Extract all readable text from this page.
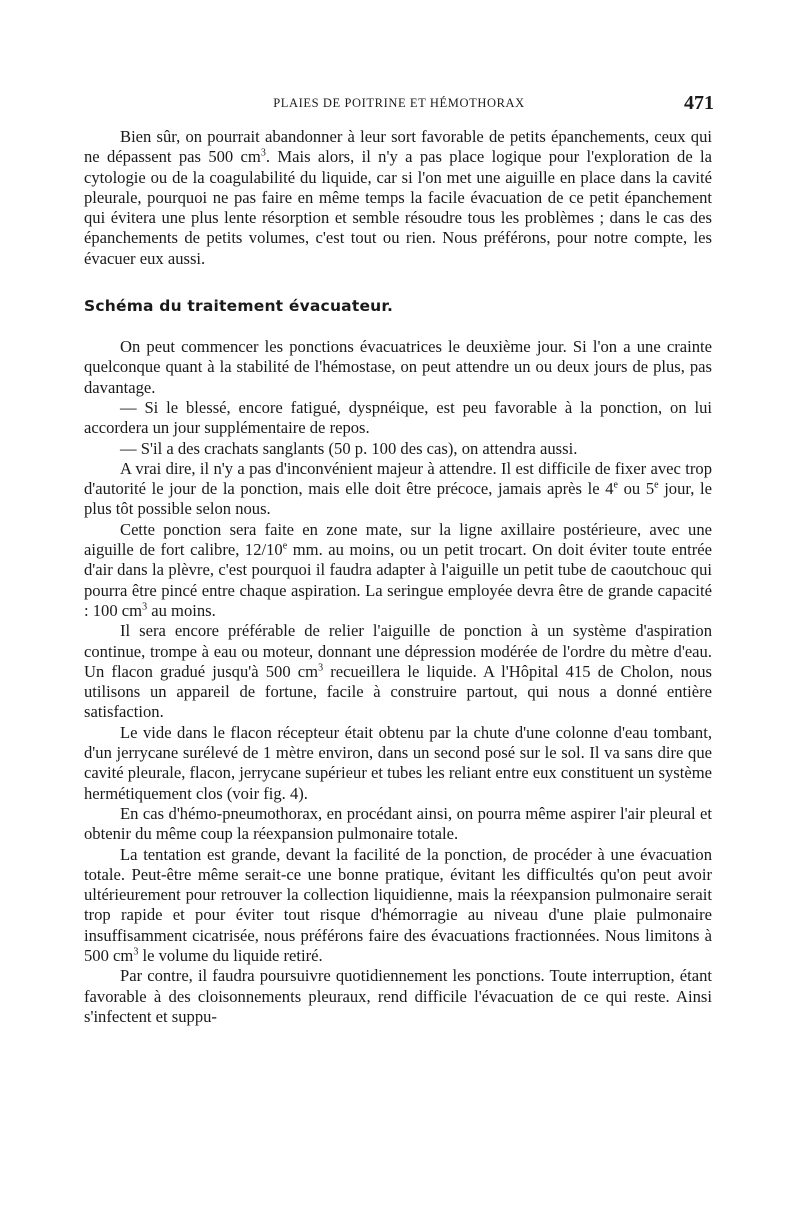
PLAIES DE POITRINE ET HÉMOTHORAX	471

Bien sûr, on pourrait abandonner à leur sort favorable de petits épanchements, ceux qui ne dépassent pas 500 $cm^3$. Mais alors, il n'y a pas place logique pour l'exploration de la cytologie ou de la coagulabilité du liquide, car si l'on met une aiguille en place dans la cavité pleurale, pourquoi ne pas faire en même temps la facile évacuation de ce petit épanchement qui évitera une plus lente résorption et semble résoudre tous les problèmes ; dans le cas des épanchements de petits volumes, c'est tout ou rien. Nous préférons, pour notre compte, les évacuer eux aussi.

Schéma du traitement évacuateur.

On peut commencer les ponctions évacuatrices le deuxième jour. Si l'on a une crainte quelconque quant à la stabilité de l'hémostase, on peut attendre un ou deux jours de plus, pas davantage.

— Si le blessé, encore fatigué, dyspnéique, est peu favorable à la ponction, on lui accordera un jour supplémentaire de repos.

— S'il a des crachats sanglants (50 p. 100 des cas), on attendra aussi.

A vrai dire, il n'y a pas d'inconvénient majeur à attendre. Il est difficile de fixer avec trop d'autorité le jour de la ponction, mais elle doit être précoce, jamais après le 4e ou 5e jour, le plus tôt possible selon nous.

Cette ponction sera faite en zone mate, sur la ligne axillaire postérieure, avec une aiguille de fort calibre, 12/10e mm. au moins, ou un petit trocart. On doit éviter toute entrée d'air dans la plèvre, c'est pourquoi il faudra adapter à l'aiguille un petit tube de caoutchouc qui pourra être pincé entre chaque aspiration. La seringue employée devra être de grande capacité : 100 $cm^3$ au moins.

Il sera encore préférable de relier l'aiguille de ponction à un système d'aspiration continue, trompe à eau ou moteur, donnant une dépression modérée de l'ordre du mètre d'eau. Un flacon gradué jusqu'à 500 $cm^3$ recueillera le liquide. A l'Hôpital 415 de Cholon, nous utilisons un appareil de fortune, facile à construire partout, qui nous a donné entière satisfaction.

Le vide dans le flacon récepteur était obtenu par la chute d'une colonne d'eau tombant, d'un jerrycane surélevé de 1 mètre environ, dans un second posé sur le sol. Il va sans dire que cavité pleurale, flacon, jerrycane supérieur et tubes les reliant entre eux constituent un système hermétiquement clos (voir fig. 4).

En cas d'hémo-pneumothorax, en procédant ainsi, on pourra même aspirer l'air pleural et obtenir du même coup la réexpansion pulmonaire totale.

La tentation est grande, devant la facilité de la ponction, de procéder à une évacuation totale. Peut-être même serait-ce une bonne pratique, évitant les difficultés qu'on peut avoir ultérieurement pour retrouver la collection liquidienne, mais la réexpansion pulmonaire serait trop rapide et pour éviter tout risque d'hémorragie au niveau d'une plaie pulmonaire insuffisamment cicatrisée, nous préférons faire des évacuations fractionnées. Nous limitons à 500 $cm^3$ le volume du liquide retiré.

Par contre, il faudra poursuivre quotidiennement les ponctions. Toute interruption, étant favorable à des cloisonnements pleuraux, rend difficile l'évacuation de ce qui reste. Ainsi s'infectent et suppu-
